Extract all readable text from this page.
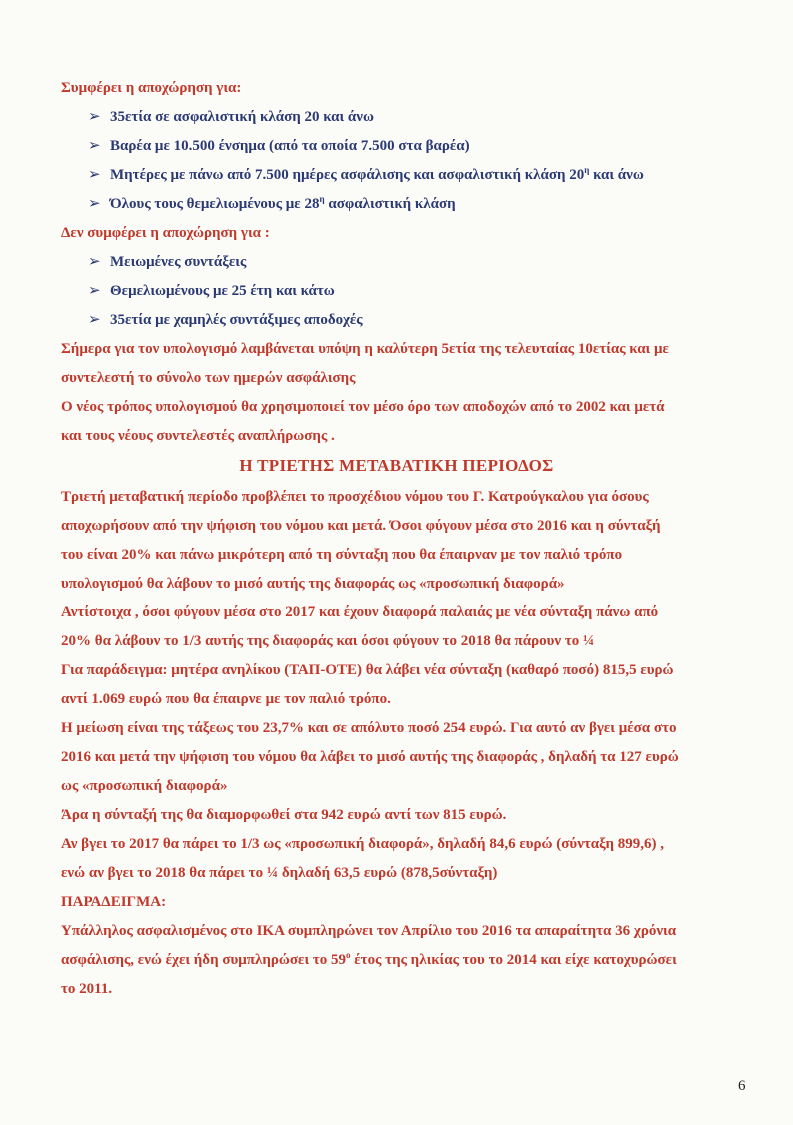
Συμφέρει η αποχώρηση για:
➢ 35ετία σε ασφαλιστική κλάση 20 και άνω
➢ Βαρέα με 10.500 ένσημα (από τα οποία 7.500 στα βαρέα)
➢ Μητέρες με πάνω από 7.500 ημέρες ασφάλισης και ασφαλιστική κλάση $20^\eta$ και άνω
➢ Όλους τους θεμελιωμένους με $28^\eta$ ασφαλιστική κλάση
Δεν συμφέρει η αποχώρηση για :
➢ Μειωμένες συντάξεις
➢ Θεμελιωμένους με 25 έτη και κάτω
➢ 35ετία με χαμηλές συντάξιμες αποδοχές
Σήμερα για τον υπολογισμό λαμβάνεται υπόψη η καλύτερη 5ετία της τελευταίας 10ετίας και με
συντελεστή το σύνολο των ημερών ασφάλισης
Ο νέος τρόπος υπολογισμού θα χρησιμοποιεί τον μέσο όρο των αποδοχών από το 2002 και μετά
και τους νέους συντελεστές αναπλήρωσης .
Η ΤΡΙΕΤΗΣ ΜΕΤΑΒΑΤΙΚΗ ΠΕΡΙΟΔΟΣ
Τριετή μεταβατική περίοδο προβλέπει το προσχέδιου νόμου του Γ. Κατρούγκαλου για όσους
αποχωρήσουν από την ψήφιση του νόμου και μετά. Όσοι φύγουν μέσα στο 2016 και η σύνταξή
του είναι 20% και πάνω μικρότερη από τη σύνταξη που θα έπαιρναν με τον παλιό τρόπο
υπολογισμού θα λάβουν το μισό αυτής της διαφοράς ως «προσωπική διαφορά»
Αντίστοιχα , όσοι φύγουν μέσα στο 2017 και έχουν διαφορά παλαιάς με νέα σύνταξη πάνω από
20% θα λάβουν το 1/3 αυτής της διαφοράς και όσοι φύγουν το 2018 θα πάρουν το ¼
Για παράδειγμα: μητέρα ανηλίκου (ΤΑΠ-ΟΤΕ) θα λάβει νέα σύνταξη (καθαρό ποσό) 815,5 ευρώ
αντί 1.069 ευρώ που θα έπαιρνε με τον παλιό τρόπο.
Η μείωση είναι της τάξεως του 23,7% και σε απόλυτο ποσό 254 ευρώ. Για αυτό αν βγει μέσα στο
2016 και μετά την ψήφιση του νόμου θα λάβει το μισό αυτής της διαφοράς , δηλαδή τα 127 ευρώ
ως «προσωπική διαφορά»
Άρα η σύνταξή της θα διαμορφωθεί στα 942 ευρώ αντί των 815 ευρώ.
Αν βγει το 2017 θα πάρει το 1/3 ως «προσωπική διαφορά», δηλαδή 84,6 ευρώ (σύνταξη 899,6) ,
ενώ αν βγει το 2018 θα πάρει το ¼ δηλαδή 63,5 ευρώ (878,5σύνταξη)
ΠΑΡΑΔΕΙΓΜΑ:
Υπάλληλος ασφαλισμένος στο ΙΚΑ συμπληρώνει τον Απρίλιο του 2016 τα απαραίτητα 36 χρόνια
ασφάλισης, ενώ έχει ήδη συμπληρώσει το $59^o$ έτος της ηλικίας του το 2014 και είχε κατοχυρώσει
το 2011.
6
